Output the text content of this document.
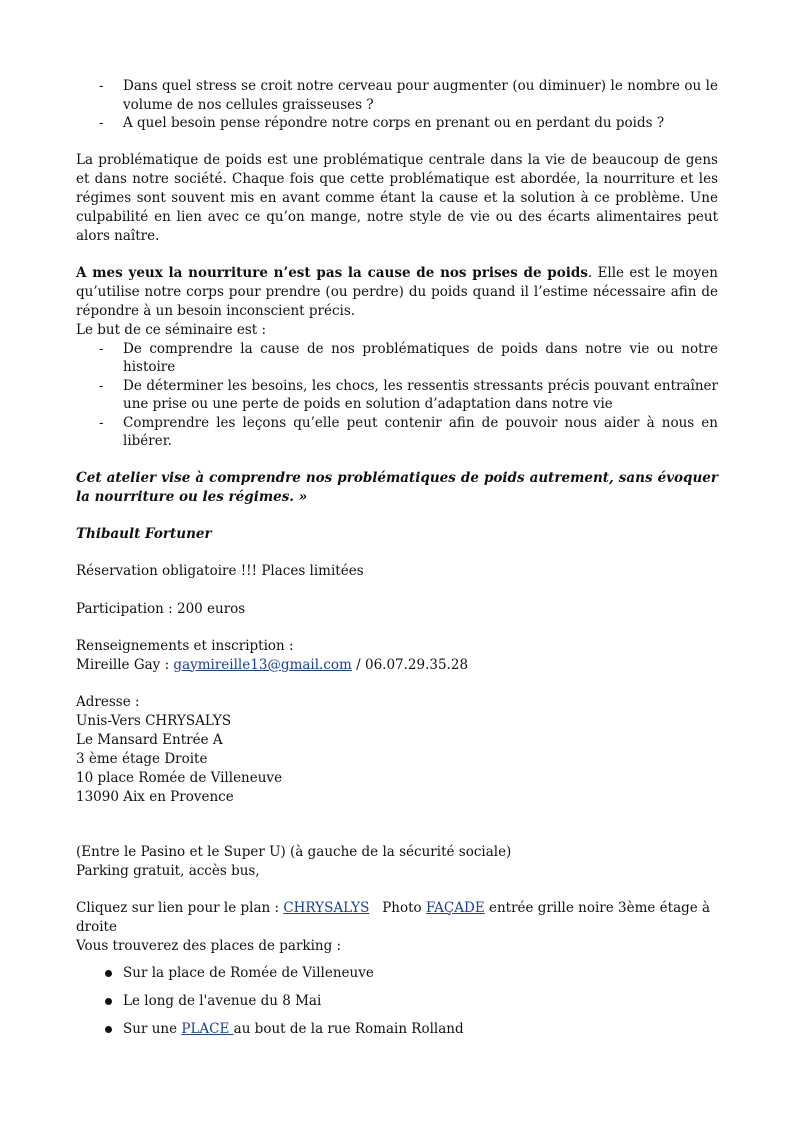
- Dans quel stress se croit notre cerveau pour augmenter (ou diminuer) le nombre ou le volume de nos cellules graisseuses ?
- A quel besoin pense répondre notre corps en prenant ou en perdant du poids ?

La problématique de poids est une problématique centrale dans la vie de beaucoup de gens et dans notre société. Chaque fois que cette problématique est abordée, la nourriture et les régimes sont souvent mis en avant comme étant la cause et la solution à ce problème. Une culpabilité en lien avec ce qu’on mange, notre style de vie ou des écarts alimentaires peut alors naître.

A mes yeux la nourriture n’est pas la cause de nos prises de poids. Elle est le moyen qu’utilise notre corps pour prendre (ou perdre) du poids quand il l’estime nécessaire afin de répondre à un besoin inconscient précis.

Le but de ce séminaire est :
- De comprendre la cause de nos problématiques de poids dans notre vie ou notre histoire
- De déterminer les besoins, les chocs, les ressentis stressants précis pouvant entraîner une prise ou une perte de poids en solution d’adaptation dans notre vie
- Comprendre les leçons qu’elle peut contenir afin de pouvoir nous aider à nous en libérer.

Cet atelier vise à comprendre nos problématiques de poids autrement, sans évoquer la nourriture ou les régimes. »

Thibault Fortuner
Réservation obligatoire !!! Places limitées
Participation : 200 euros
Renseignements et inscription :
Mireille Gay : gaymireille13@gmail.com / 06.07.29.35.28
Adresse :
Unis-Vers CHRYSALYS
Le Mansard Entrée A
3 ème étage Droite
10 place Romée de Villeneuve
13090 Aix en Provence
(Entre le Pasino et le Super U) (à gauche de la sécurité sociale)
Parking gratuit, accès bus,
Cliquez sur lien pour le plan : CHRYSALYS   Photo FAÇADE entrée grille noire 3ème étage à droite
Vous trouverez des places de parking :
Sur la place de Romée de Villeneuve
Le long de l'avenue du 8 Mai
Sur une PLACE au bout de la rue Romain Rolland
